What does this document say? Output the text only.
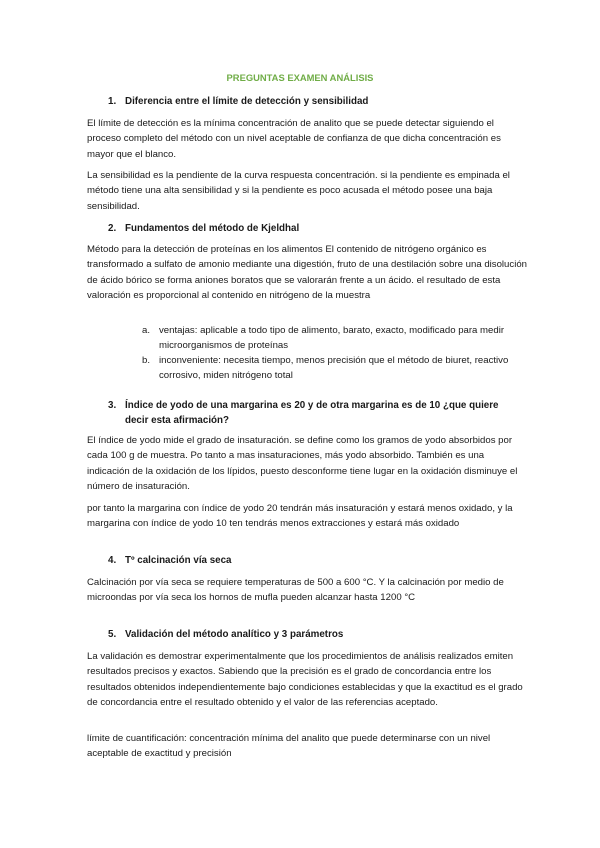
PREGUNTAS EXAMEN ANÁLISIS
1. Diferencia entre el límite de detección y sensibilidad

El límite de detección es la mínima concentración de analito que se puede detectar siguiendo el proceso completo del método con un nivel aceptable de confianza de que dicha concentración es mayor que el blanco.

La sensibilidad es la pendiente de la curva respuesta concentración. si la pendiente es empinada el método tiene una alta sensibilidad y si la pendiente es poco acusada el método posee una baja sensibilidad.

2. Fundamentos del método de Kjeldhal

Método para la detección de proteínas en los alimentos El contenido de nitrógeno orgánico es transformado a sulfato de amonio mediante una digestión, fruto de una destilación sobre una disolución de ácido bórico se forma aniones boratos que se valorarán frente a un ácido. el resultado de esta valoración es proporcional al contenido en nitrógeno de la muestra

a. ventajas: aplicable a todo tipo de alimento, barato, exacto, modificado para medir microorganismos de proteínas
b. inconveniente: necesita tiempo, menos precisión que el método de biuret, reactivo corrosivo, miden nitrógeno total
3. Índice de yodo de una margarina es 20 y de otra margarina es de 10 ¿que quiere decir esta afirmación?

El índice de yodo mide el grado de insaturación. se define como los gramos de yodo absorbidos por cada 100 g de muestra. Po tanto a mas insaturaciones, más yodo absorbido. También es una indicación de la oxidación de los lípidos, puesto desconforme tiene lugar en la oxidación disminuye el número de insaturación.

por tanto la margarina con índice de yodo 20 tendrán más insaturación y estará menos oxidado, y la margarina con índice de yodo 10 ten tendrás menos extracciones y estará más oxidado

4. Tº calcinación vía seca

Calcinación por vía seca se requiere temperaturas de 500 a 600 °C. Y la calcinación por medio de microondas por vía seca los hornos de mufla pueden alcanzar hasta 1200 °C

5. Validación del método analítico y 3 parámetros

La validación es demostrar experimentalmente que los procedimientos de análisis realizados emiten resultados precisos y exactos. Sabiendo que la precisión es el grado de concordancia entre los resultados obtenidos independientemente bajo condiciones establecidas y que la exactitud es el grado de concordancia entre el resultado obtenido y el valor de las referencias aceptado.

límite de cuantificación: concentración mínima del analito que puede determinarse con un nivel aceptable de exactitud y precisión
